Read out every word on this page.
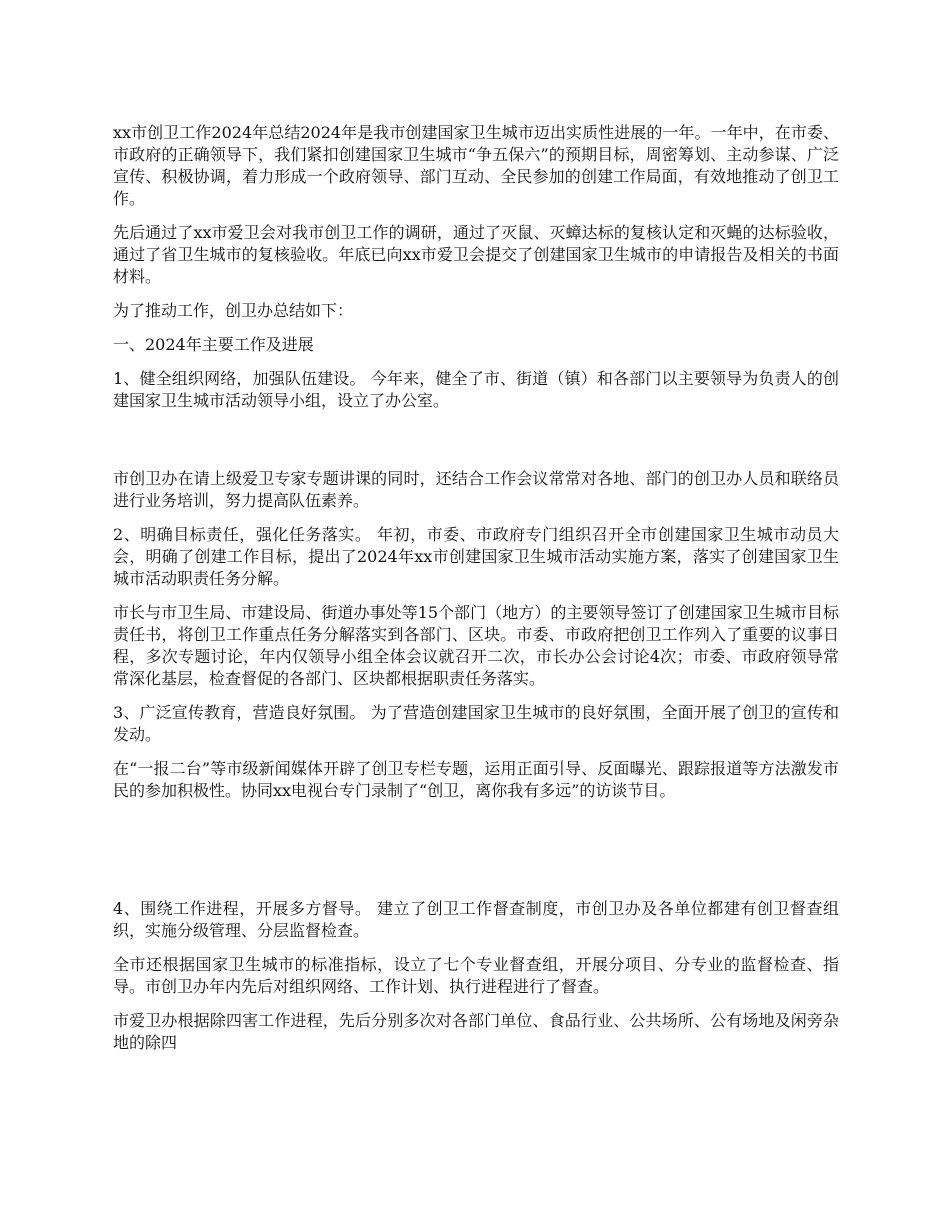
xx市创卫工作2024年总结2024年是我市创建国家卫生城市迈出实质性进展的一年。一年中，在市委、市政府的正确领导下，我们紧扣创建国家卫生城市“争五保六”的预期目标，周密筹划、主动参谋、广泛宣传、积极协调，着力形成一个政府领导、部门互动、全民参加的创建工作局面，有效地推动了创卫工作。

先后通过了xx市爱卫会对我市创卫工作的调研，通过了灭鼠、灭蟑达标的复核认定和灭蝇的达标验收，通过了省卫生城市的复核验收。年底已向xx市爱卫会提交了创建国家卫生城市的申请报告及相关的书面材料。

为了推动工作，创卫办总结如下：

一、2024年主要工作及进展

1、健全组织网络，加强队伍建设。 今年来，健全了市、街道（镇）和各部门以主要领导为负责人的创建国家卫生城市活动领导小组，设立了办公室。

市创卫办在请上级爱卫专家专题讲课的同时，还结合工作会议常常对各地、部门的创卫办人员和联络员进行业务培训，努力提高队伍素养。

2、明确目标责任，强化任务落实。 年初，市委、市政府专门组织召开全市创建国家卫生城市动员大会，明确了创建工作目标，提出了2024年xx市创建国家卫生城市活动实施方案，落实了创建国家卫生城市活动职责任务分解。

市长与市卫生局、市建设局、街道办事处等15个部门（地方）的主要领导签订了创建国家卫生城市目标责任书，将创卫工作重点任务分解落实到各部门、区块。市委、市政府把创卫工作列入了重要的议事日程，多次专题讨论，年内仅领导小组全体会议就召开二次，市长办公会讨论4次；市委、市政府领导常常深化基层，检查督促的各部门、区块都根据职责任务落实。

3、广泛宣传教育，营造良好氛围。 为了营造创建国家卫生城市的良好氛围，全面开展了创卫的宣传和发动。

在“一报二台”等市级新闻媒体开辟了创卫专栏专题，运用正面引导、反面曝光、跟踪报道等方法激发市民的参加积极性。协同xx电视台专门录制了“创卫，离你我有多远”的访谈节目。

4、围绕工作进程，开展多方督导。 建立了创卫工作督查制度，市创卫办及各单位都建有创卫督查组织，实施分级管理、分层监督检查。

全市还根据国家卫生城市的标准指标，设立了七个专业督查组，开展分项目、分专业的监督检查、指导。市创卫办年内先后对组织网络、工作计划、执行进程进行了督查。

市爱卫办根据除四害工作进程，先后分别多次对各部门单位、食品行业、公共场所、公有场地及闲旁杂地的除四
